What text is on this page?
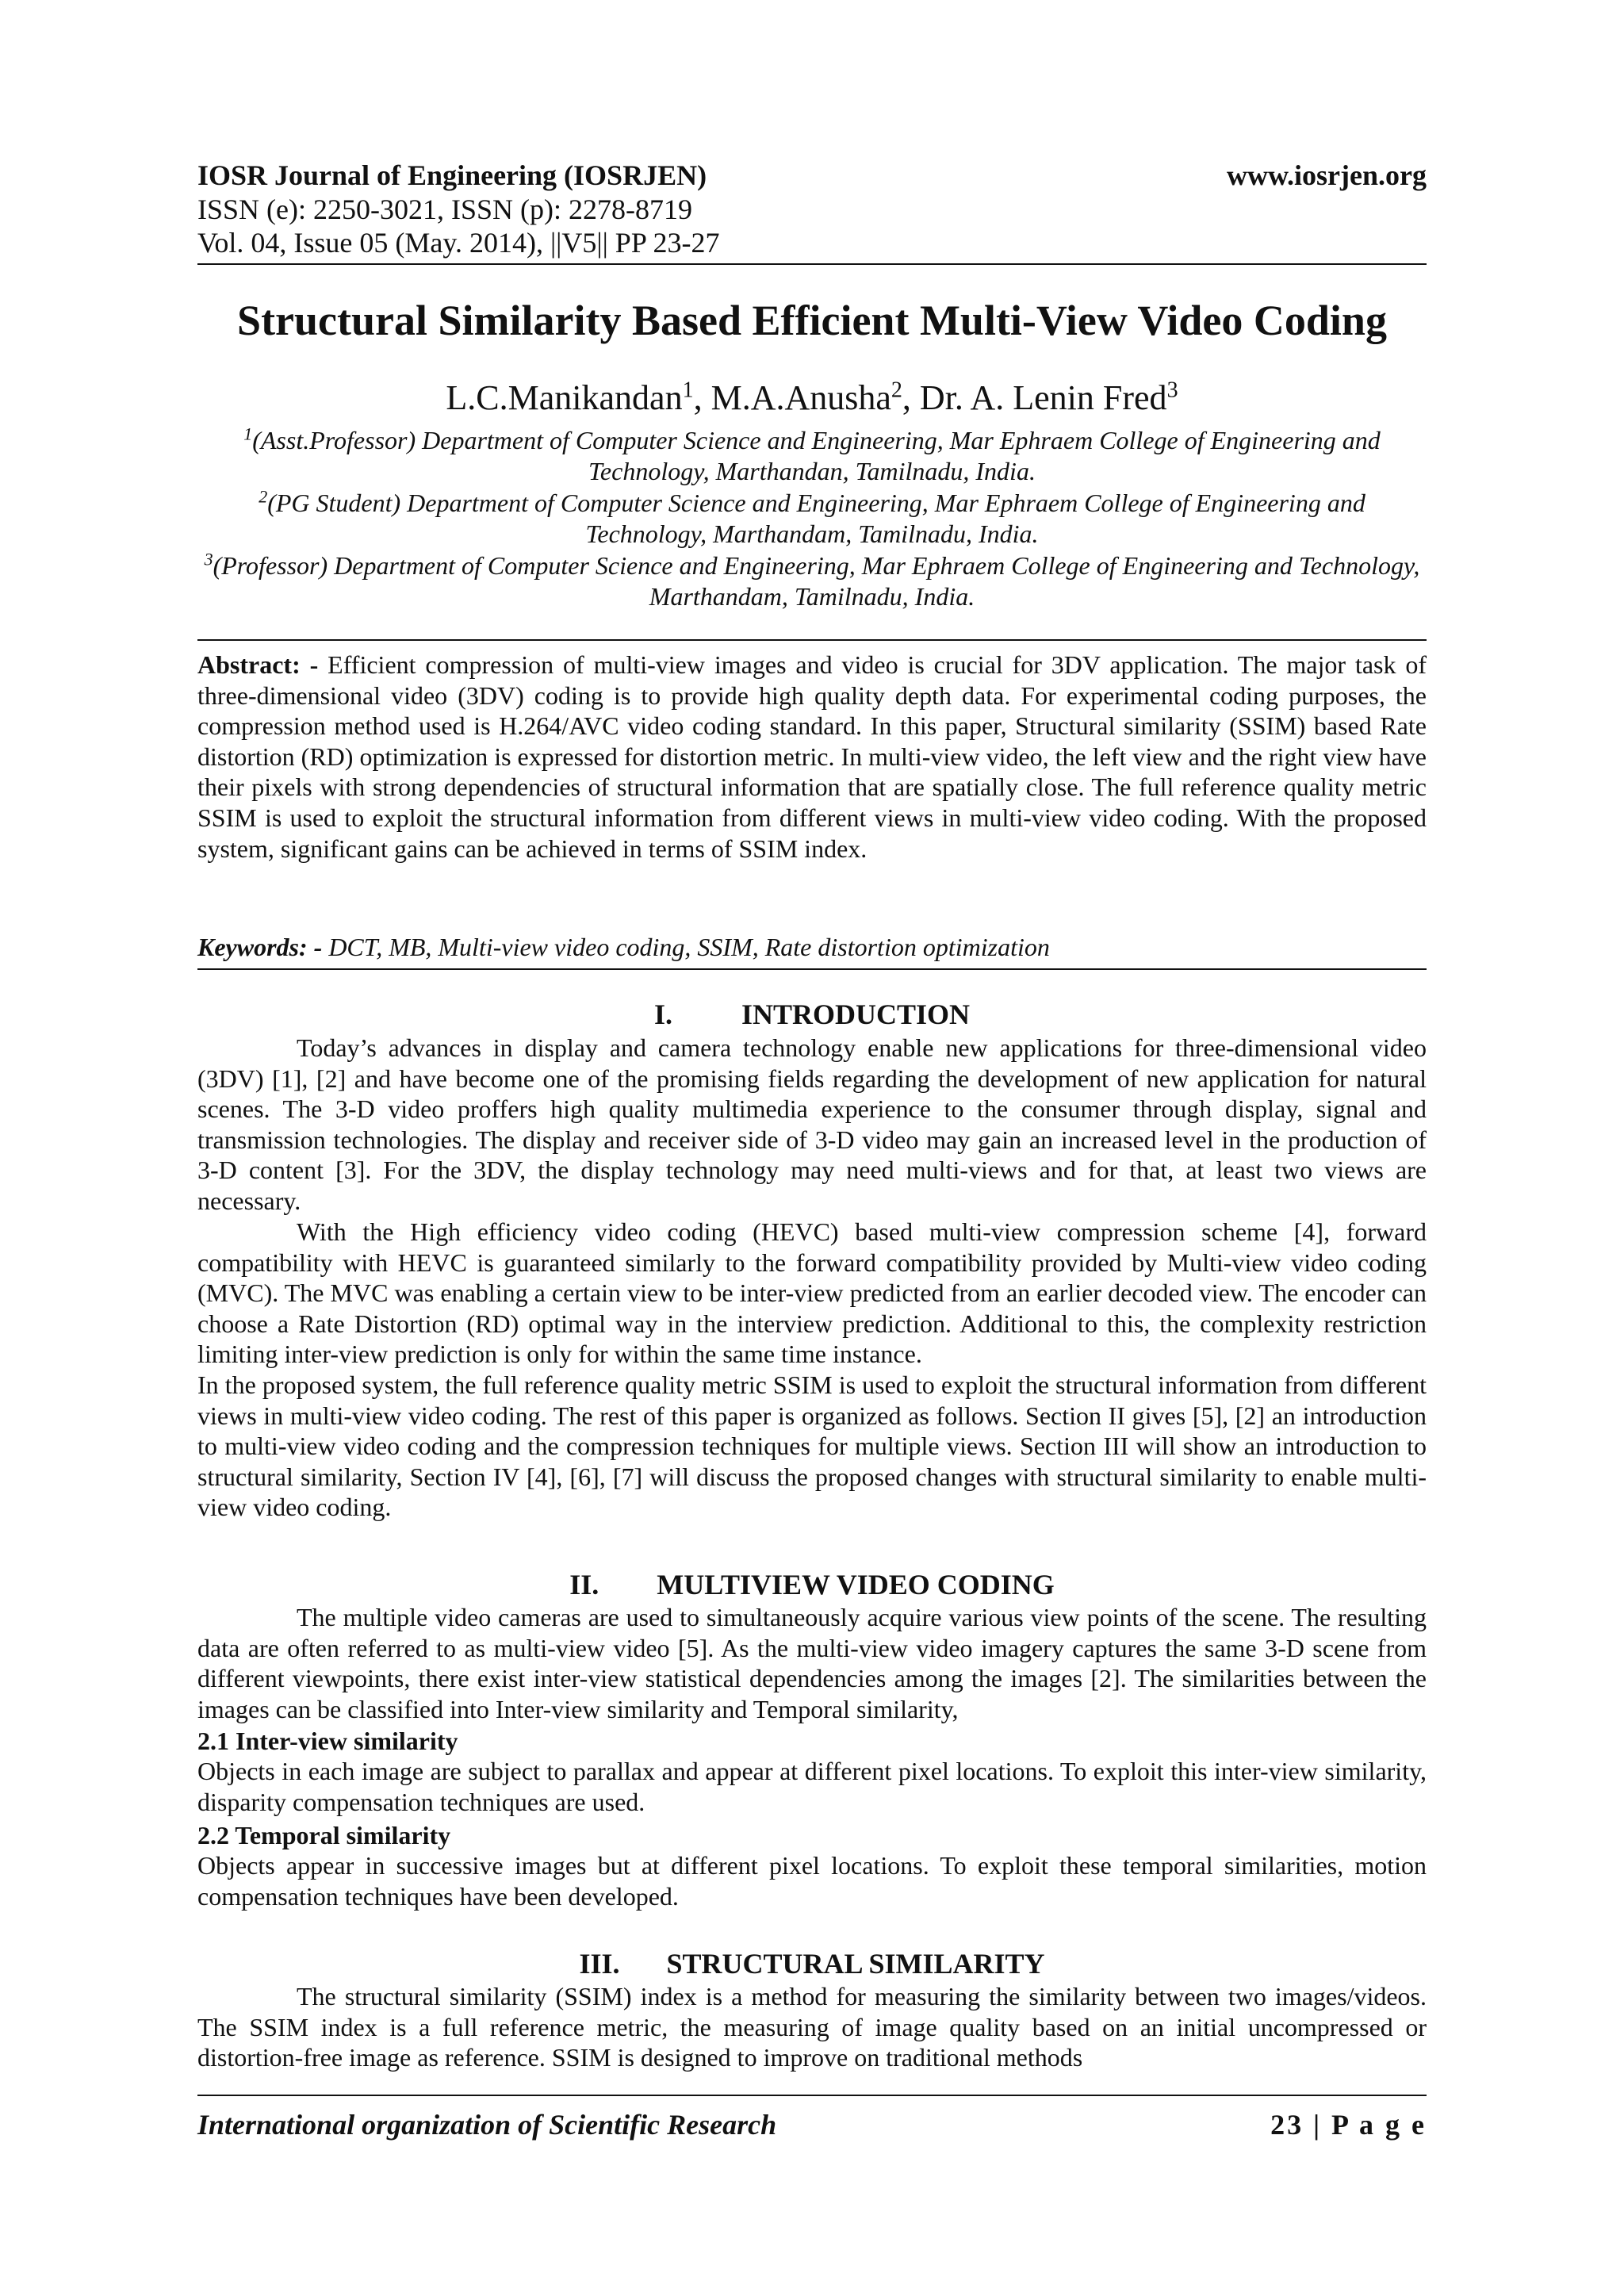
IOSR Journal of Engineering (IOSRJEN)	www.iosrjen.org
ISSN (e): 2250-3021, ISSN (p): 2278-8719
Vol. 04, Issue 05 (May. 2014), ||V5|| PP 23-27
Structural Similarity Based Efficient Multi-View Video Coding
L.C.Manikandan$^1$, M.A.Anusha$^2$, Dr. A. Lenin Fred$^3$
$^1$(Asst.Professor) Department of Computer Science and Engineering, Mar Ephraem College of Engineering and Technology, Marthandan, Tamilnadu, India.
$^2$(PG Student) Department of Computer Science and Engineering, Mar Ephraem College of Engineering and Technology, Marthandam, Tamilnadu, India.
$^3$(Professor) Department of Computer Science and Engineering, Mar Ephraem College of Engineering and Technology, Marthandam, Tamilnadu, India.
Abstract: - Efficient compression of multi-view images and video is crucial for 3DV application. The major task of three-dimensional video (3DV) coding is to provide high quality depth data. For experimental coding purposes, the compression method used is H.264/AVC video coding standard. In this paper, Structural similarity (SSIM) based Rate distortion (RD) optimization is expressed for distortion metric. In multi-view video, the left view and the right view have their pixels with strong dependencies of structural information that are spatially close. The full reference quality metric SSIM is used to exploit the structural information from different views in multi-view video coding. With the proposed system, significant gains can be achieved in terms of SSIM index.
Keywords: - DCT, MB, Multi-view video coding, SSIM, Rate distortion optimization
I. INTRODUCTION
Today’s advances in display and camera technology enable new applications for three-dimensional video (3DV) [1], [2] and have become one of the promising fields regarding the development of new application for natural scenes. The 3-D video proffers high quality multimedia experience to the consumer through display, signal and transmission technologies. The display and receiver side of 3-D video may gain an increased level in the production of 3-D content [3]. For the 3DV, the display technology may need multi-views and for that, at least two views are necessary.
With the High efficiency video coding (HEVC) based multi-view compression scheme [4], forward compatibility with HEVC is guaranteed similarly to the forward compatibility provided by Multi-view video coding (MVC). The MVC was enabling a certain view to be inter-view predicted from an earlier decoded view. The encoder can choose a Rate Distortion (RD) optimal way in the interview prediction. Additional to this, the complexity restriction limiting inter-view prediction is only for within the same time instance.
In the proposed system, the full reference quality metric SSIM is used to exploit the structural information from different views in multi-view video coding. The rest of this paper is organized as follows. Section II gives [5], [2] an introduction to multi-view video coding and the compression techniques for multiple views. Section III will show an introduction to structural similarity, Section IV [4], [6], [7] will discuss the proposed changes with structural similarity to enable multi-view video coding.
II. MULTIVIEW VIDEO CODING
The multiple video cameras are used to simultaneously acquire various view points of the scene. The resulting data are often referred to as multi-view video [5]. As the multi-view video imagery captures the same 3-D scene from different viewpoints, there exist inter-view statistical dependencies among the images [2]. The similarities between the images can be classified into Inter-view similarity and Temporal similarity,
2.1 Inter-view similarity
Objects in each image are subject to parallax and appear at different pixel locations. To exploit this inter-view similarity, disparity compensation techniques are used.
2.2 Temporal similarity
Objects appear in successive images but at different pixel locations. To exploit these temporal similarities, motion compensation techniques have been developed.
III. STRUCTURAL SIMILARITY
The structural similarity (SSIM) index is a method for measuring the similarity between two images/videos. The SSIM index is a full reference metric, the measuring of image quality based on an initial uncompressed or distortion-free image as reference. SSIM is designed to improve on traditional methods
International organization of Scientific Research	23 | P a g e
